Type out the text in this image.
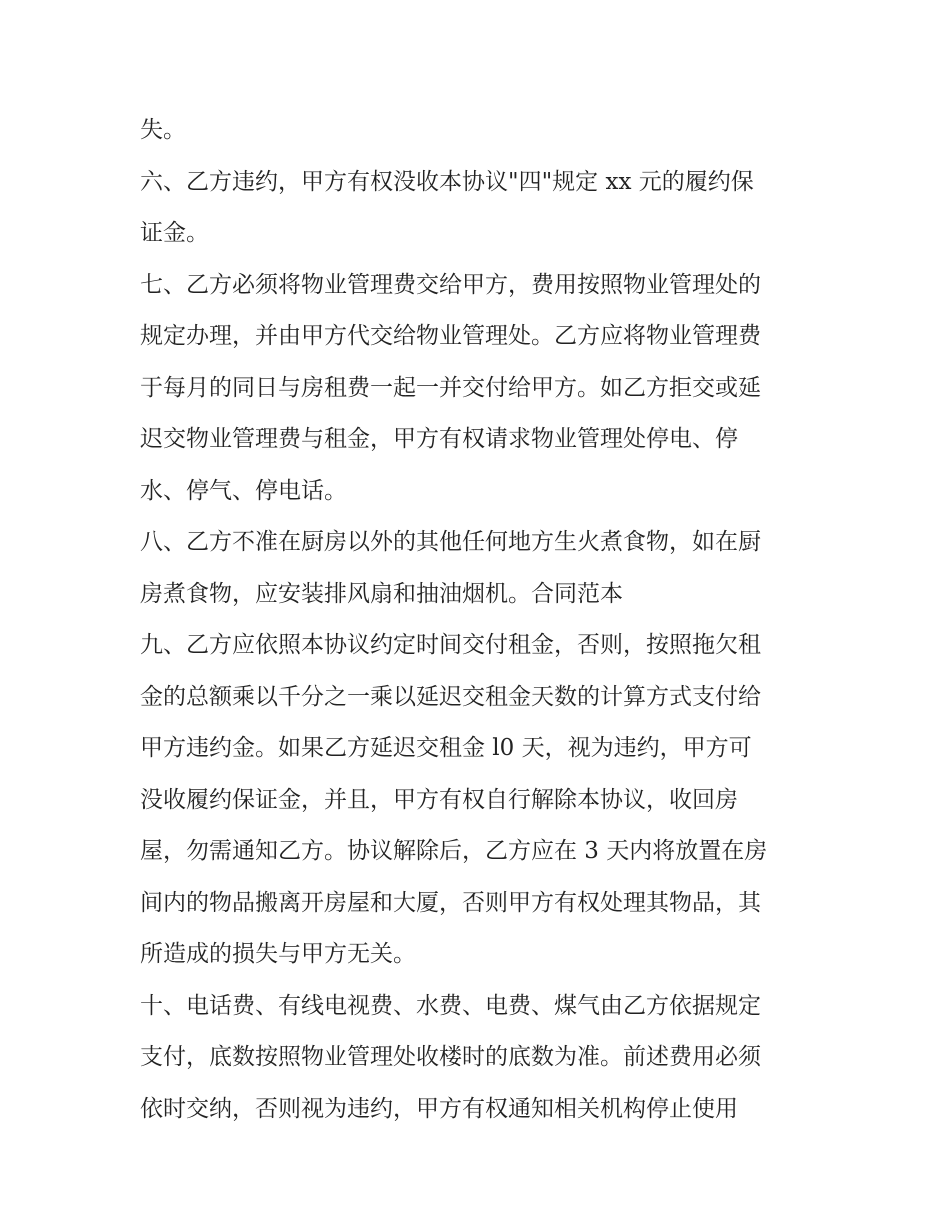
失。
六、乙方违约，甲方有权没收本协议"四"规定 xx 元的履约保
证金。
七、乙方必须将物业管理费交给甲方，费用按照物业管理处的
规定办理，并由甲方代交给物业管理处。乙方应将物业管理费
于每月的同日与房租费一起一并交付给甲方。如乙方拒交或延
迟交物业管理费与租金，甲方有权请求物业管理处停电、停
水、停气、停电话。
八、乙方不准在厨房以外的其他任何地方生火煮食物，如在厨
房煮食物，应安装排风扇和抽油烟机。合同范本
九、乙方应依照本协议约定时间交付租金，否则，按照拖欠租
金的总额乘以千分之一乘以延迟交租金天数的计算方式支付给
甲方违约金。如果乙方延迟交租金 l0 天，视为违约，甲方可
没收履约保证金，并且，甲方有权自行解除本协议，收回房
屋，勿需通知乙方。协议解除后，乙方应在 3 天内将放置在房
间内的物品搬离开房屋和大厦，否则甲方有权处理其物品，其
所造成的损失与甲方无关。
十、电话费、有线电视费、水费、电费、煤气由乙方依据规定
支付，底数按照物业管理处收楼时的底数为准。前述费用必须
依时交纳，否则视为违约，甲方有权通知相关机构停止使用
